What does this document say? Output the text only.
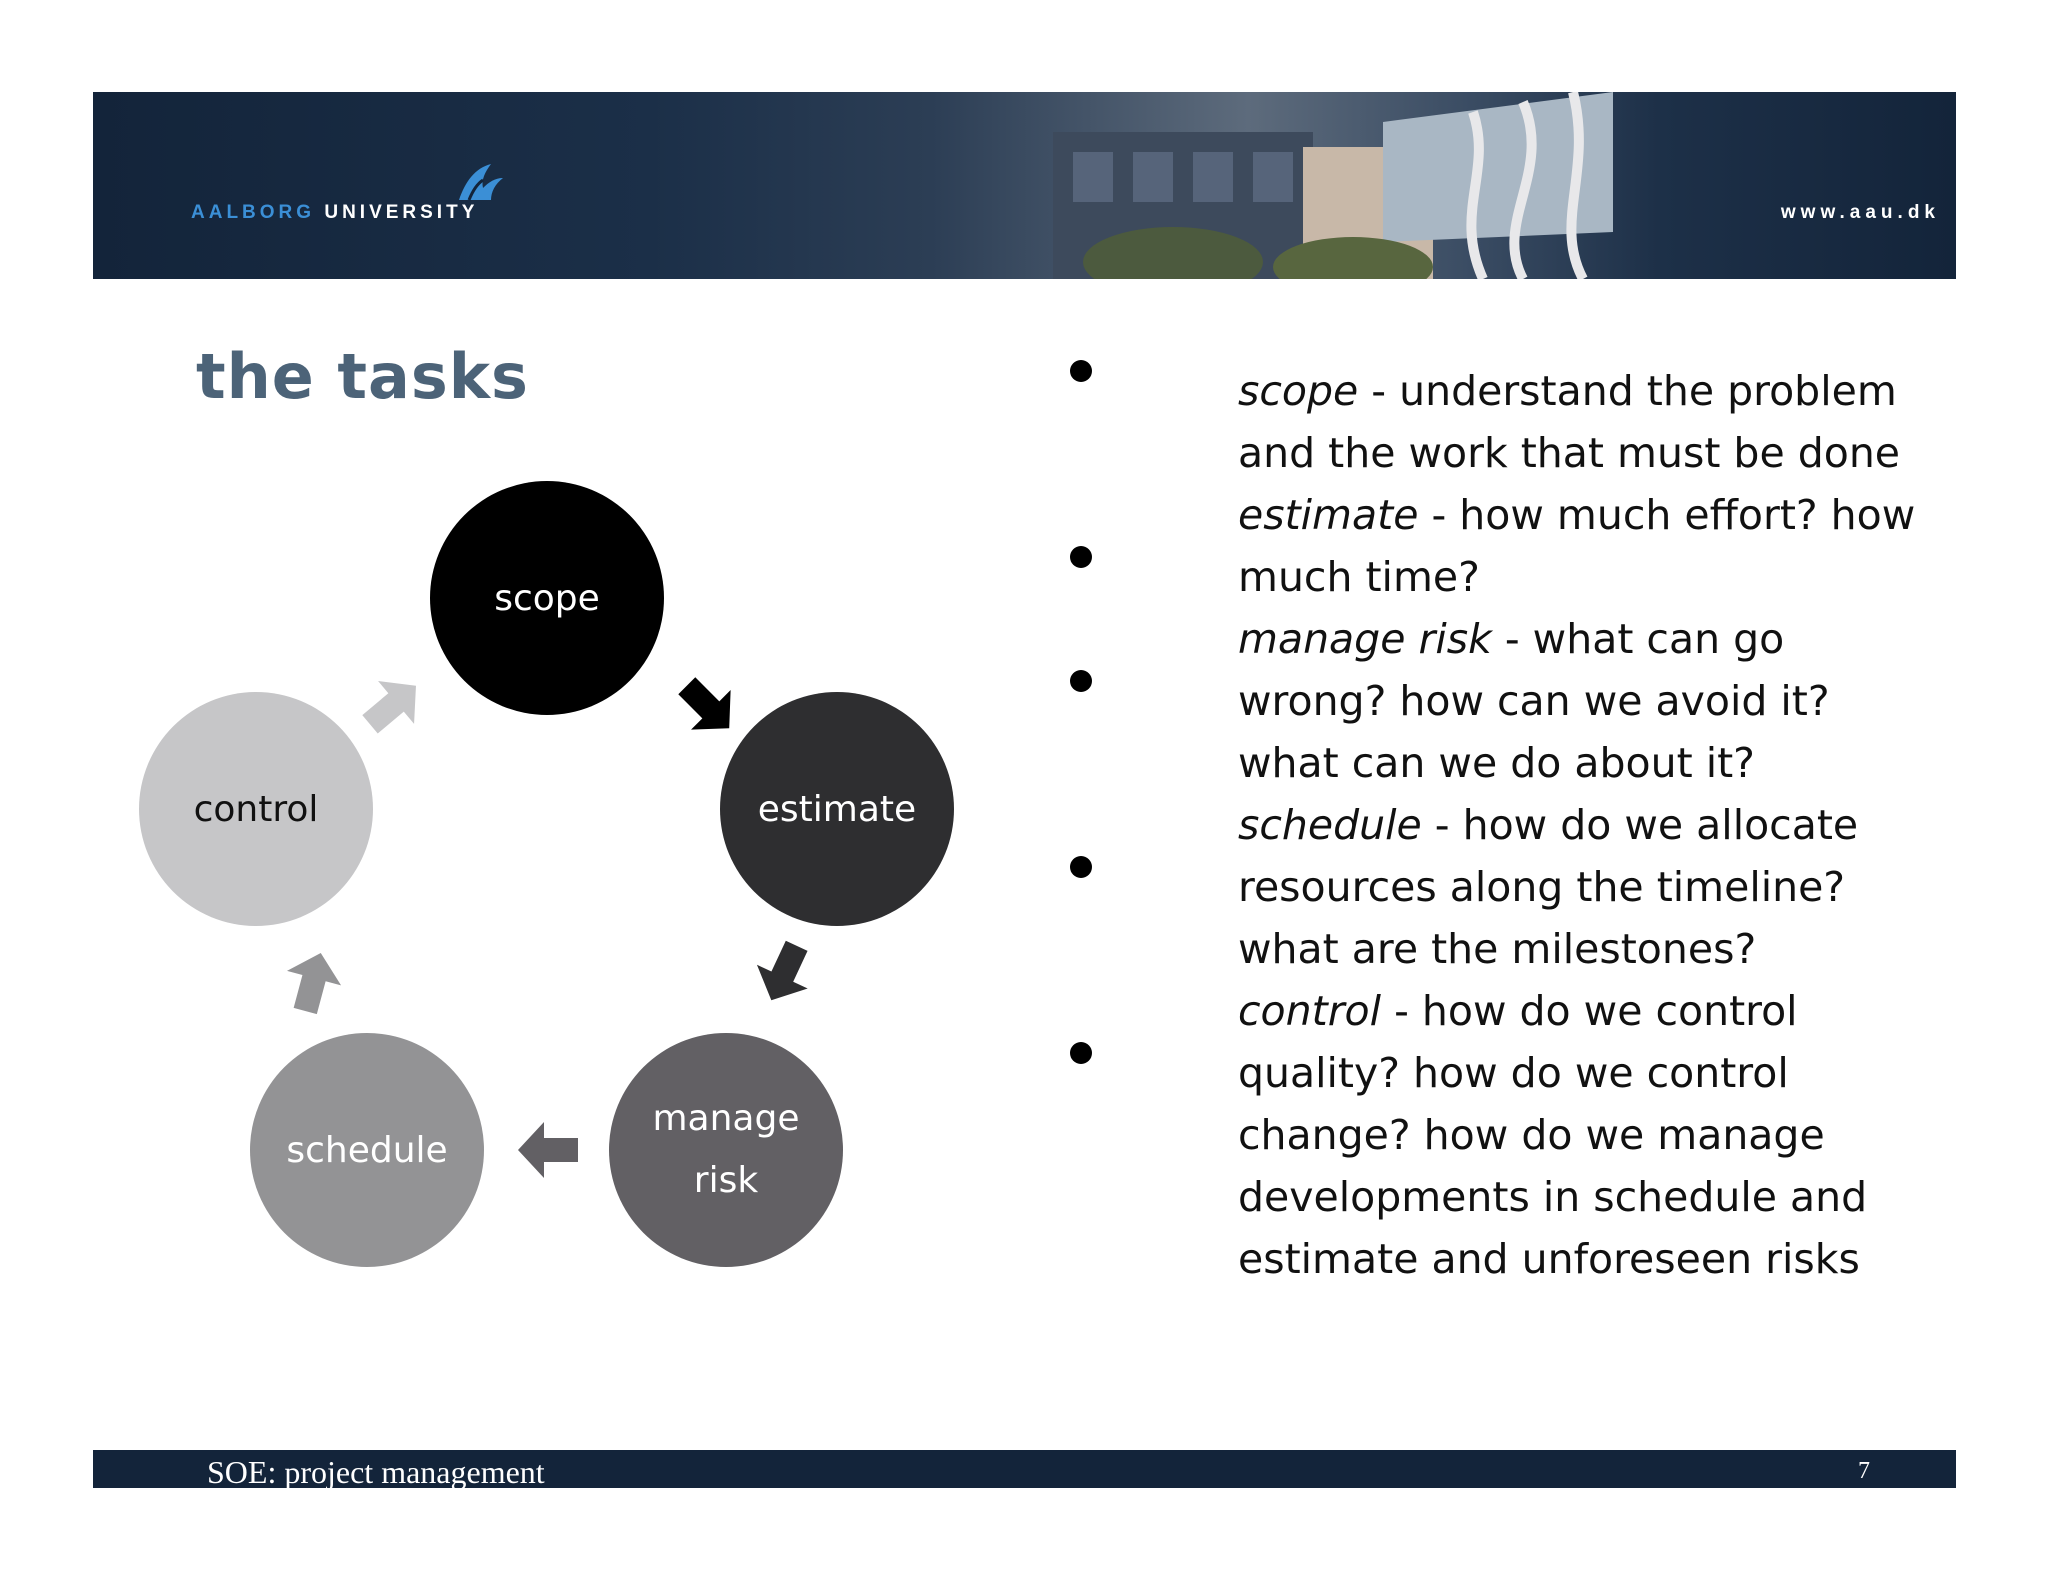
AALBORG UNIVERSITY	www.aau.dk
the tasks
scope
estimate
manage
risk
schedule
control

scope - understand the problem and the work that must be done

estimate - how much effort? how much time?

manage risk - what can go wrong? how can we avoid it? what can we do about it?

schedule - how do we allocate resources along the timeline? what are the milestones?

control - how do we control quality? how do we control change? how do we manage developments in schedule and estimate and unforeseen risks

SOE: project management	7
